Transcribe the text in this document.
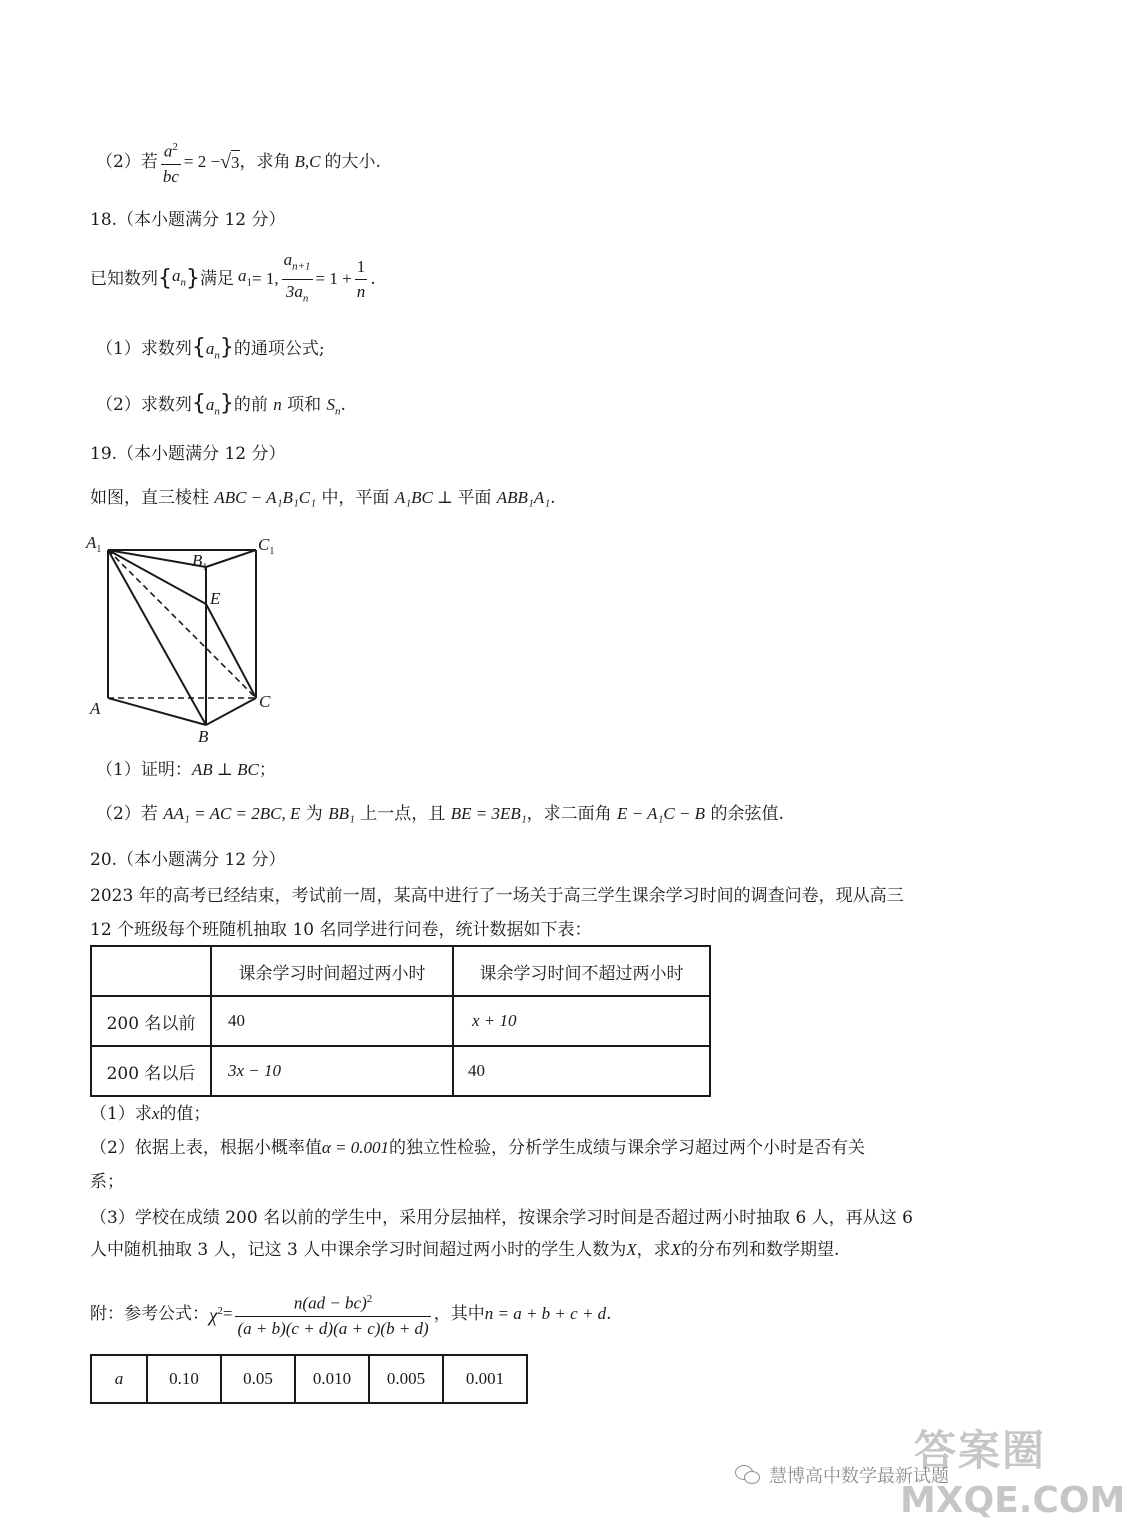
（2）若 $\frac{a^2}{bc} = 2$ − √ 3 ，求角 B,C 的大小.
18.（本小题满分 12 分）
已知数列 { $a_n$ } 满足 $a_1 = 1$, $\frac{a_{n+1}}{3a_n} = 1 + \frac{1}{n}$ .
（1）求数列$\{a_n\}$的通项公式;
（2）求数列$\{a_n\}$的前 n 项和 $S_n$.
19.（本小题满分 12 分）
如图，直三棱柱 ABC − A₁B₁C₁ 中，平面 A₁BC ⊥ 平面 ABB₁A₁.
$A_1$
$B_1$
$C_1$
E
A
B
C
（1）证明：AB ⊥ BC；
（2）若 AA₁ = AC = 2BC, E 为 BB₁ 上一点，且 BE = 3EB₁，求二面角 E − A₁C − B 的余弦值.
20.（本小题满分 12 分）
2023 年的高考已经结束，考试前一周，某高中进行了一场关于高三学生课余学习时间的调查问卷，现从高三
12 个班级每个班随机抽取 10 名同学进行问卷，统计数据如下表：
	课余学习时间超过两小时	课余学习时间不超过两小时
200 名以前	40	x + 10
200 名以后	3x − 10	40
（1）求x的值；
（2）依据上表，根据小概率值α = 0.001的独立性检验，分析学生成绩与课余学习超过两个小时是否有关
系；
（3）学校在成绩 200 名以前的学生中，采用分层抽样，按课余学习时间是否超过两小时抽取 6 人，再从这 6
人中随机抽取 3 人，记这 3 人中课余学习时间超过两小时的学生人数为X，求X的分布列和数学期望.
附：参考公式： $\chi^2 = \frac{n(ad - bc)^2}{(a + b)(c + d)(a + c)(b + d)}$ ，其中 n = a + b + c + d .
a	0.10	0.05	0.010	0.005	0.001
慧博高中数学最新试题
答案圈
MXQE.COM
